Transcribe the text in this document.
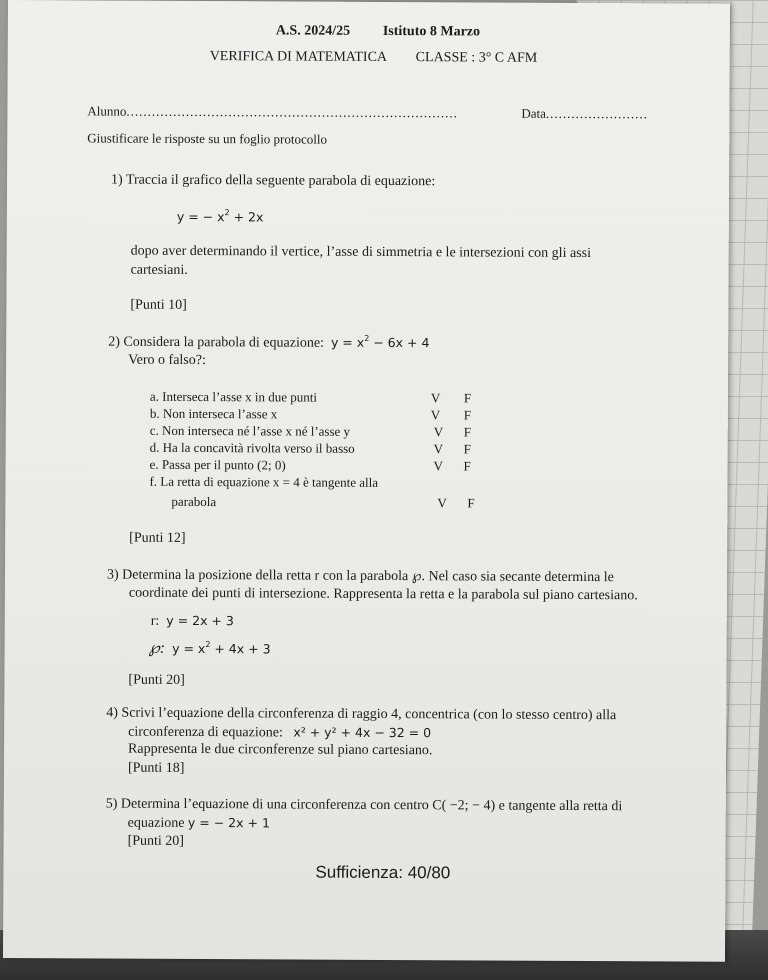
A.S. 2024/25 Istituto 8 Marzo
VERIFICA DI MATEMATICA CLASSE : 3° C AFM
Alunno..............................................................................	Data........................
Giustificare le risposte su un foglio protocollo
1) Traccia il grafico della seguente parabola di equazione:
y = − $x^2 + 2x$
dopo aver determinando il vertice, l’asse di simmetria e le intersezioni con gli assi
cartesiani.
[Punti 10]
2) Considera la parabola di equazione: $y = x^2 - 6x + 4$
Vero o falso?:
a. Interseca l’asse x in due punti	V F
b. Non interseca l’asse x	V F
c. Non interseca né l’asse x né l’asse y	V F
d. Ha la concavità rivolta verso il basso	V F
e. Passa per il punto (2; 0)	V F
f. La retta di equazione x = 4 è tangente alla
parabola	V F
[Punti 12]
3) Determina la posizione della retta r con la parabola ℘. Nel caso sia secante determina le
coordinate dei punti di intersezione. Rappresenta la retta e la parabola sul piano cartesiano.
r: y = 2x + 3
℘: $y = x^2 + 4x + 3$
[Punti 20]
4) Scrivi l’equazione della circonferenza di raggio 4, concentrica (con lo stesso centro) alla
circonferenza di equazione: x² + y² + 4x − 32 = 0
Rappresenta le due circonferenze sul piano cartesiano.
[Punti 18]
5) Determina l’equazione di una circonferenza con centro C( −2; − 4) e tangente alla retta di
equazione y = − 2x + 1
[Punti 20]
Sufficienza: 40/80
